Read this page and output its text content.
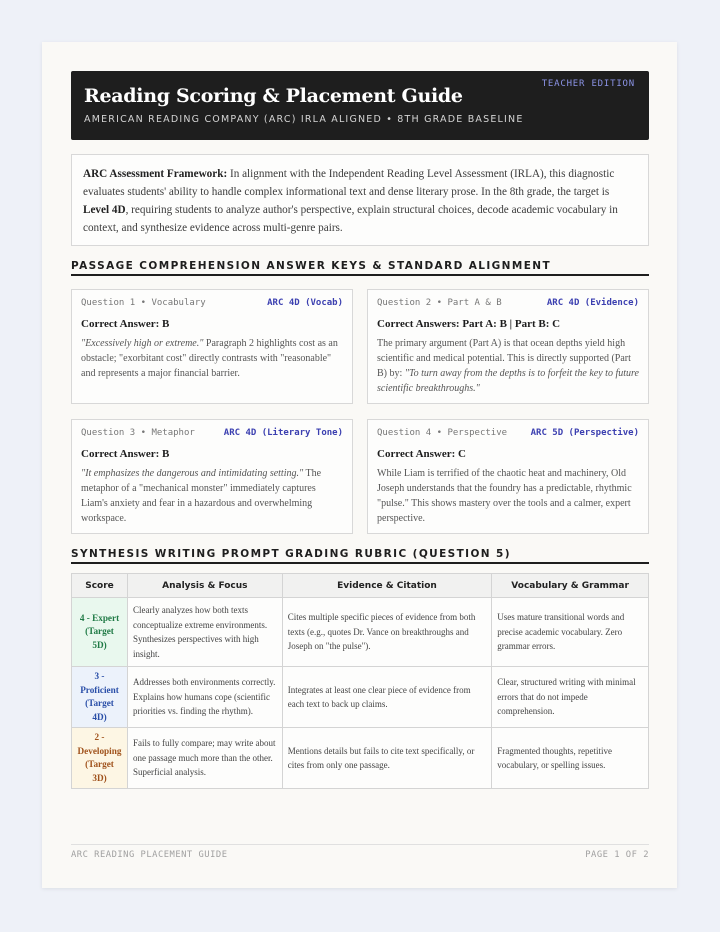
Reading Scoring & Placement Guide
AMERICAN READING COMPANY (ARC) IRLA ALIGNED • 8TH GRADE BASELINE
TEACHER EDITION
ARC Assessment Framework: In alignment with the Independent Reading Level Assessment (IRLA), this diagnostic evaluates students' ability to handle complex informational text and dense literary prose. In the 8th grade, the target is Level 4D, requiring students to analyze author's perspective, explain structural choices, decode academic vocabulary in context, and synthesize evidence across multi-genre pairs.
PASSAGE COMPREHENSION ANSWER KEYS & STANDARD ALIGNMENT
Question 1 • Vocabulary	ARC 4D (Vocab)
Correct Answer: B
"Excessively high or extreme." Paragraph 2 highlights cost as an obstacle; "exorbitant cost" directly contrasts with "reasonable" and represents a major financial barrier.
Question 2 • Part A & B	ARC 4D (Evidence)
Correct Answers: Part A: B | Part B: C
The primary argument (Part A) is that ocean depths yield high scientific and medical potential. This is directly supported (Part B) by: "To turn away from the depths is to forfeit the key to future scientific breakthroughs."
Question 3 • Metaphor	ARC 4D (Literary Tone)
Correct Answer: B
"It emphasizes the dangerous and intimidating setting." The metaphor of a "mechanical monster" immediately captures Liam's anxiety and fear in a hazardous and overwhelming workspace.
Question 4 • Perspective	ARC 5D (Perspective)
Correct Answer: C
While Liam is terrified of the chaotic heat and machinery, Old Joseph understands that the foundry has a predictable, rhythmic "pulse." This shows mastery over the tools and a calmer, expert perspective.
SYNTHESIS WRITING PROMPT GRADING RUBRIC (QUESTION 5)
Score	Analysis & Focus	Evidence & Citation	Vocabulary & Grammar
4 - Expert (Target 5D)	Clearly analyzes how both texts conceptualize extreme environments. Synthesizes perspectives with high insight.	Cites multiple specific pieces of evidence from both texts (e.g., quotes Dr. Vance on breakthroughs and Joseph on "the pulse").	Uses mature transitional words and precise academic vocabulary. Zero grammar errors.
3 - Proficient (Target 4D)	Addresses both environments correctly. Explains how humans cope (scientific priorities vs. finding the rhythm).	Integrates at least one clear piece of evidence from each text to back up claims.	Clear, structured writing with minimal errors that do not impede comprehension.
2 - Developing (Target 3D)	Fails to fully compare; may write about one passage much more than the other. Superficial analysis.	Mentions details but fails to cite text specifically, or cites from only one passage.	Fragmented thoughts, repetitive vocabulary, or spelling issues.
ARC READING PLACEMENT GUIDE	PAGE 1 OF 2
